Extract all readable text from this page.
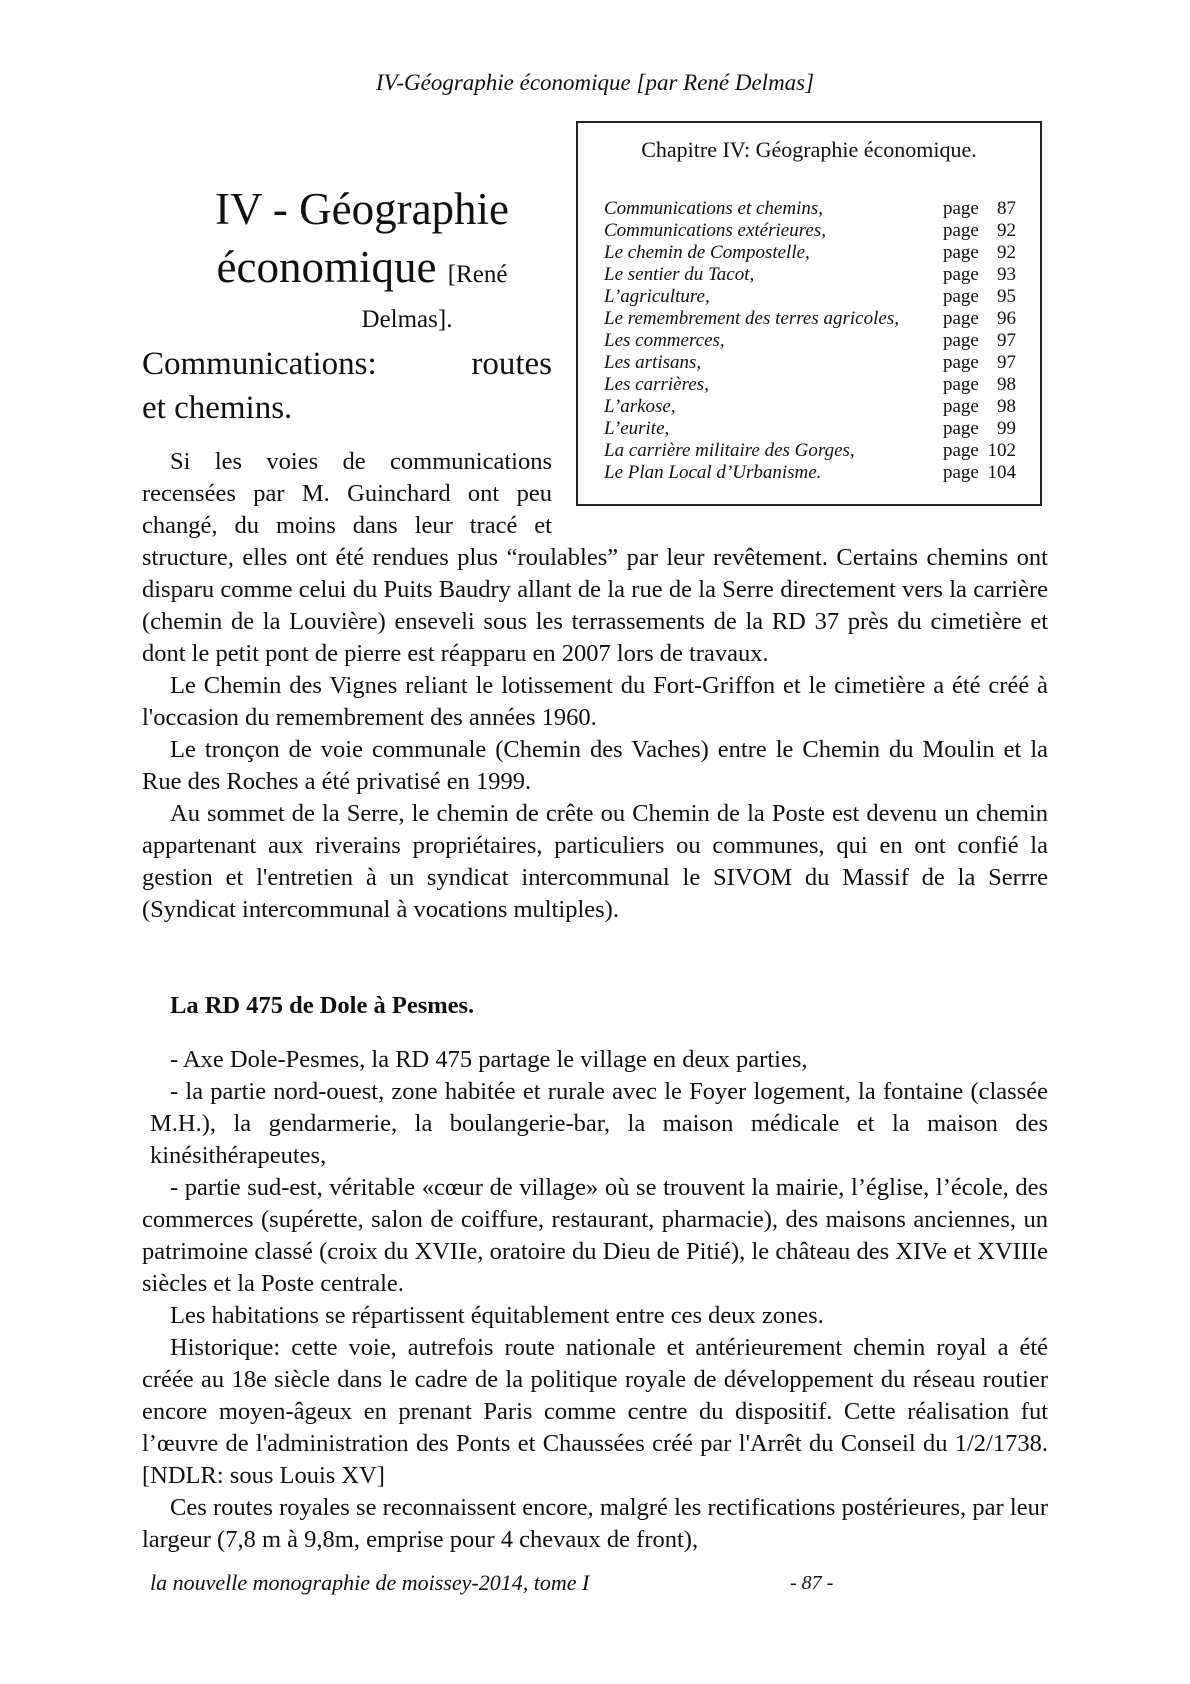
IV-Géographie économique [par René Delmas]
Chapitre IV: Géographie économique.
Communications et chemins,	page 87
Communications extérieures,	page 92
Le chemin de Compostelle,	page 92
Le sentier du Tacot,	page 93
L’agriculture,	page 95
Le remembrement des terres agricoles, page 96
Les commerces,	page 97
Les artisans,	page 97
Les carrières,	page 98
L’arkose,	page 98
L’eurite,	page 99
La carrière militaire des Gorges,	page 102
Le Plan Local d’Urbanisme.	page 104
IV - Géographie
économique [René
Delmas].
Communications: routes
et chemins.
Si les voies de communications
recensées par M. Guinchard ont peu
changé, du moins dans leur tracé et
structure, elles ont été rendues plus “roulables” par leur revêtement. Certains chemins ont disparu comme celui du Puits Baudry allant de la rue de la Serre directement vers la carrière (chemin de la Louvière) enseveli sous les terrassements de la RD 37 près du cimetière et dont le petit pont de pierre est réapparu en 2007 lors de travaux.
Le Chemin des Vignes reliant le lotissement du Fort-Griffon et le cimetière a été créé à l'occasion du remembrement des années 1960.
Le tronçon de voie communale (Chemin des Vaches) entre le Chemin du Moulin et la Rue des Roches a été privatisé en 1999.
Au sommet de la Serre, le chemin de crête ou Chemin de la Poste est devenu un chemin appartenant aux riverains propriétaires, particuliers ou communes, qui en ont confié la gestion et l'entretien à un syndicat intercommunal le SIVOM du Massif de la Serrre (Syndicat intercommunal à vocations multiples).
La RD 475 de Dole à Pesmes.
- Axe Dole-Pesmes, la RD 475 partage le village en deux parties,
- la partie nord-ouest, zone habitée et rurale avec le Foyer logement, la fontaine (classée M.H.), la gendarmerie, la boulangerie-bar, la maison médicale et la maison des kinésithérapeutes,
- partie sud-est, véritable «cœur de village» où se trouvent la mairie, l’église, l’école, des commerces (supérette, salon de coiffure, restaurant, pharmacie), des maisons anciennes, un patrimoine classé (croix du XVIIe, oratoire du Dieu de Pitié), le château des XIVe et XVIIIe siècles et la Poste centrale.
Les habitations se répartissent équitablement entre ces deux zones.
Historique: cette voie, autrefois route nationale et antérieurement chemin royal a été créée au 18e siècle dans le cadre de la politique royale de développement du réseau routier encore moyen-âgeux en prenant Paris comme centre du dispositif. Cette réalisation fut l’œuvre de l'administration des Ponts et Chaussées créé par l'Arrêt du Conseil du 1/2/1738. [NDLR: sous Louis XV]
Ces routes royales se reconnaissent encore, malgré les rectifications postérieures, par leur largeur (7,8 m à 9,8m, emprise pour 4 chevaux de front),
la nouvelle monographie de moissey-2014, tome I	- 87 -
